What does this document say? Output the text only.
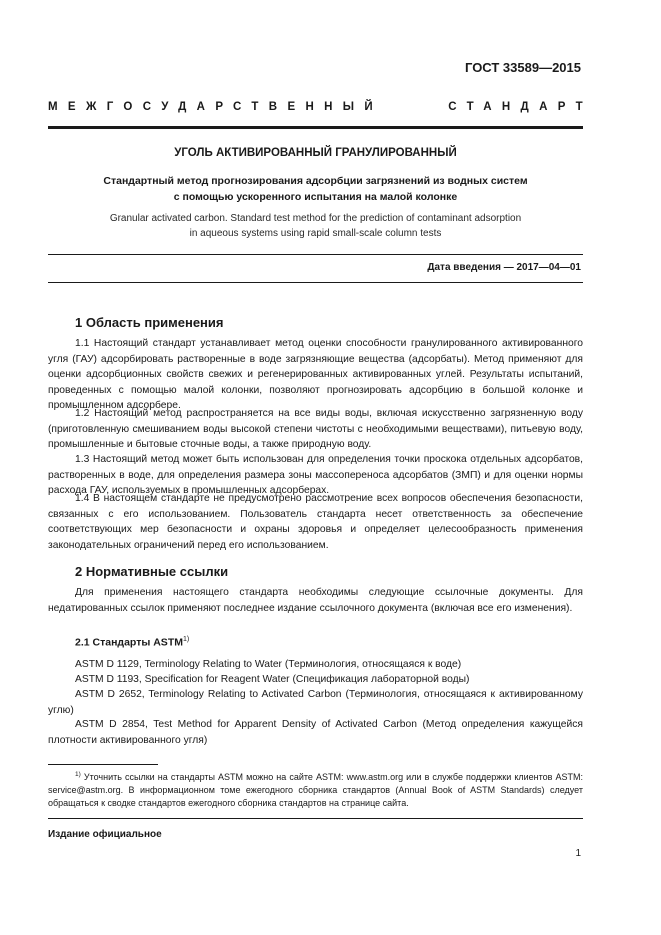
ГОСТ 33589—2015
МЕЖГОСУДАРСТВЕННЫЙ	СТАНДАРТ
УГОЛЬ АКТИВИРОВАННЫЙ ГРАНУЛИРОВАННЫЙ
Стандартный метод прогнозирования адсорбции загрязнений из водных систем
с помощью ускоренного испытания на малой колонке
Granular activated carbon. Standard test method for the prediction of contaminant adsorption
in aqueous systems using rapid small-scale column tests
Дата введения — 2017—04—01
1 Область применения
1.1 Настоящий стандарт устанавливает метод оценки способности гранулированного активированного угля (ГАУ) адсорбировать растворенные в воде загрязняющие вещества (адсорбаты). Метод применяют для оценки адсорбционных свойств свежих и регенерированных активированных углей. Результаты испытаний, проведенных с помощью малой колонки, позволяют прогнозировать адсорбцию в большой колонке и промышленном адсорбере.
1.2 Настоящий метод распространяется на все виды воды, включая искусственно загрязненную воду (приготовленную смешиванием воды высокой степени чистоты с необходимыми веществами), питьевую воду, промышленные и бытовые сточные воды, а также природную воду.
1.3 Настоящий метод может быть использован для определения точки проскока отдельных адсорбатов, растворенных в воде, для определения размера зоны массопереноса адсорбатов (ЗМП) и для оценки нормы расхода ГАУ, используемых в промышленных адсорберах.
1.4 В настоящем стандарте не предусмотрено рассмотрение всех вопросов обеспечения безопасности, связанных с его использованием. Пользователь стандарта несет ответственность за обеспечение соответствующих мер безопасности и охраны здоровья и определяет целесообразность применения законодательных ограничений перед его использованием.
2 Нормативные ссылки
Для применения настоящего стандарта необходимы следующие ссылочные документы. Для недатированных ссылок применяют последнее издание ссылочного документа (включая все его изменения).
2.1 Стандарты ASTM$^{1)}$
ASTM D 1129, Terminology Relating to Water (Терминология, относящаяся к воде)
ASTM D 1193, Specification for Reagent Water (Спецификация лабораторной воды)
ASTM D 2652, Terminology Relating to Activated Carbon (Терминология, относящаяся к активированному углю)
ASTM D 2854, Test Method for Apparent Density of Activated Carbon (Метод определения кажущейся плотности активированного угля)
$^{1)}$ Уточнить ссылки на стандарты ASTM можно на сайте ASTM: www.astm.org или в службе поддержки клиентов ASTM: service@astm.org. В информационном томе ежегодного сборника стандартов (Annual Book of ASTM Standards) следует обращаться к сводке стандартов ежегодного сборника стандартов на странице сайта.
Издание официальное
1
